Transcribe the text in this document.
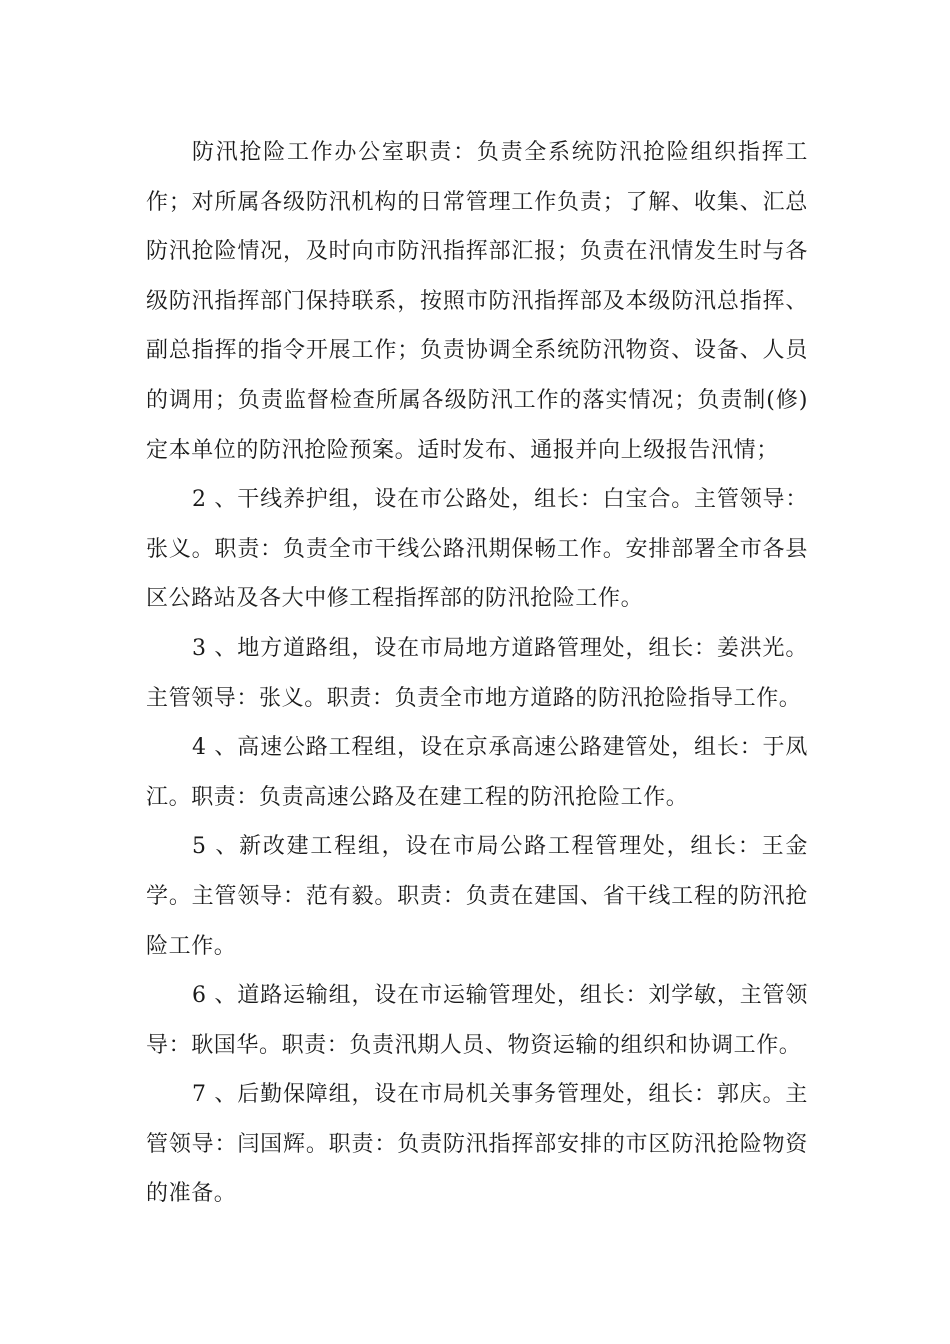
防汛抢险工作办公室职责：负责全系统防汛抢险组织指挥工作；对所属各级防汛机构的日常管理工作负责；了解、收集、汇总防汛抢险情况，及时向市防汛指挥部汇报；负责在汛情发生时与各级防汛指挥部门保持联系，按照市防汛指挥部及本级防汛总指挥、副总指挥的指令开展工作；负责协调全系统防汛物资、设备、人员的调用；负责监督检查所属各级防汛工作的落实情况；负责制(修)定本单位的防汛抢险预案。适时发布、通报并向上级报告汛情；

2 、干线养护组，设在市公路处，组长：白宝合。主管领导：张义。职责：负责全市干线公路汛期保畅工作。安排部署全市各县区公路站及各大中修工程指挥部的防汛抢险工作。

3 、地方道路组，设在市局地方道路管理处，组长：姜洪光。主管领导：张义。职责：负责全市地方道路的防汛抢险指导工作。

4 、高速公路工程组，设在京承高速公路建管处，组长：于凤江。职责：负责高速公路及在建工程的防汛抢险工作。

5 、新改建工程组，设在市局公路工程管理处，组长：王金学。主管领导：范有毅。职责：负责在建国、省干线工程的防汛抢险工作。

6 、道路运输组，设在市运输管理处，组长：刘学敏，主管领导：耿国华。职责：负责汛期人员、物资运输的组织和协调工作。

7 、后勤保障组，设在市局机关事务管理处，组长：郭庆。主管领导：闫国辉。职责：负责防汛指挥部安排的市区防汛抢险物资的准备。
